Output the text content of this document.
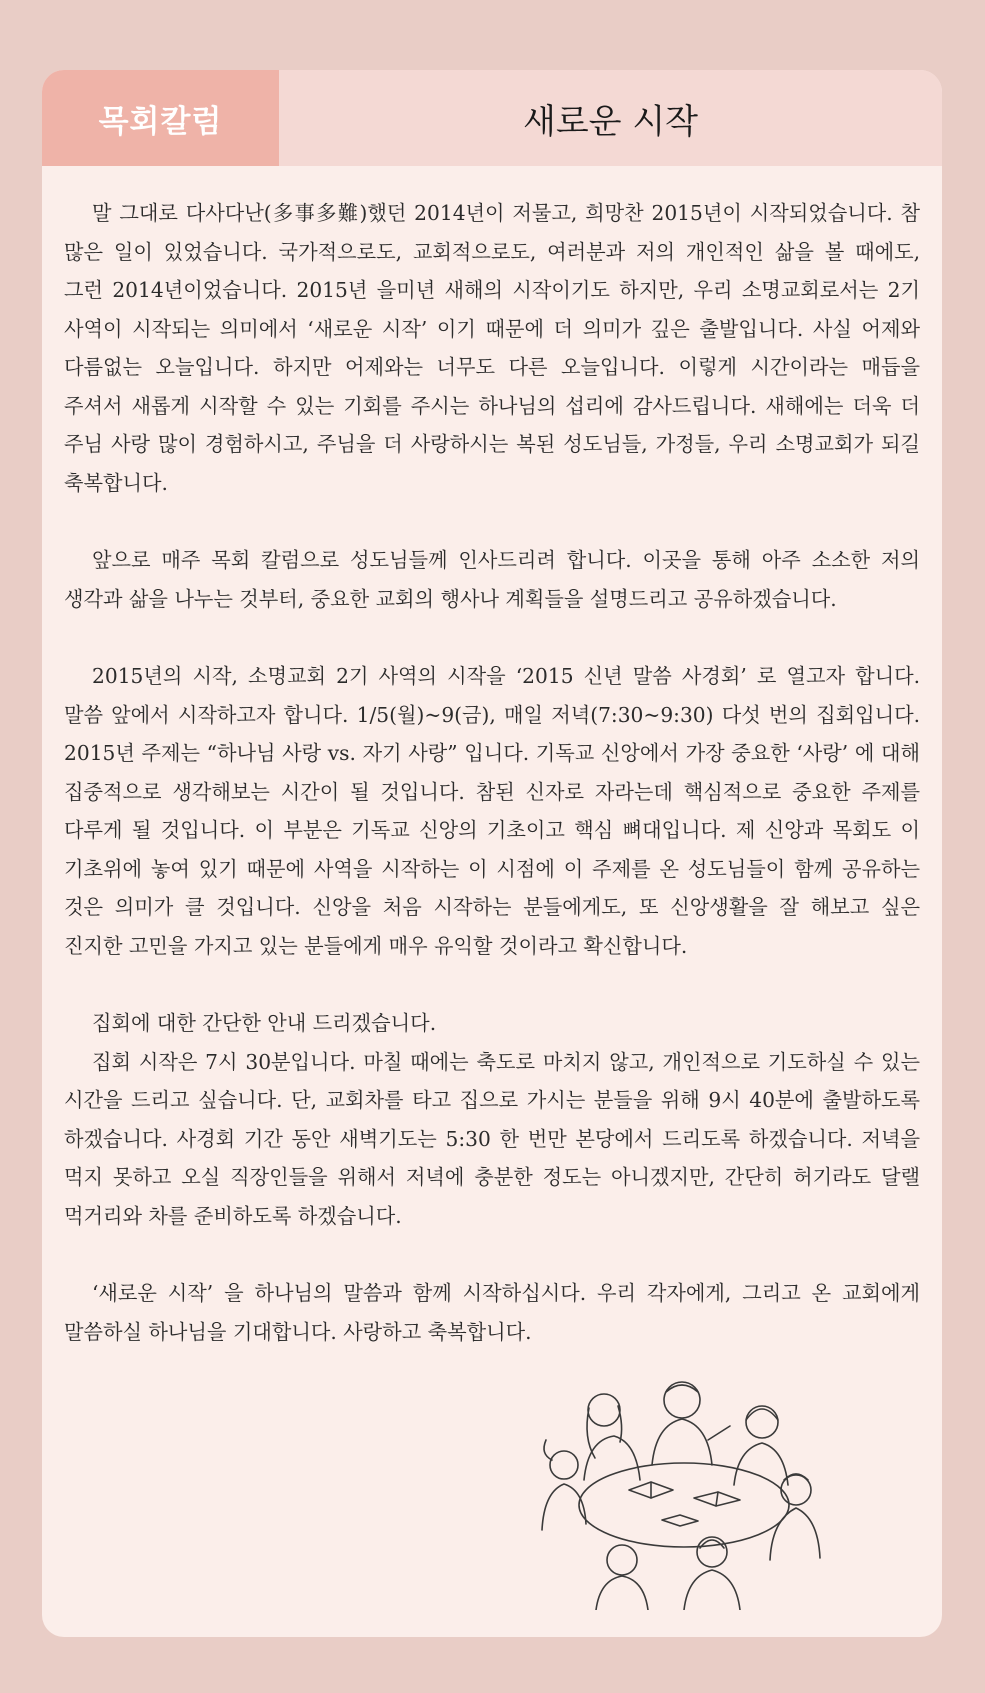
목회칼럼	새로운 시작

말 그대로 다사다난(多事多難)했던 2014년이 저물고, 희망찬 2015년이 시작되었습니다. 참 많은 일이 있었습니다. 국가적으로도, 교회적으로도, 여러분과 저의 개인적인 삶을 볼 때에도, 그런 2014년이었습니다. 2015년 을미년 새해의 시작이기도 하지만, 우리 소명교회로서는 2기 사역이 시작되는 의미에서 ‘새로운 시작’ 이기 때문에 더 의미가 깊은 출발입니다. 사실 어제와 다름없는 오늘입니다. 하지만 어제와는 너무도 다른 오늘입니다. 이렇게 시간이라는 매듭을 주셔서 새롭게 시작할 수 있는 기회를 주시는 하나님의 섭리에 감사드립니다. 새해에는 더욱 더 주님 사랑 많이 경험하시고, 주님을 더 사랑하시는 복된 성도님들, 가정들, 우리 소명교회가 되길 축복합니다.

앞으로 매주 목회 칼럼으로 성도님들께 인사드리려 합니다. 이곳을 통해 아주 소소한 저의 생각과 삶을 나누는 것부터, 중요한 교회의 행사나 계획들을 설명드리고 공유하겠습니다.

2015년의 시작, 소명교회 2기 사역의 시작을 ‘2015 신년 말씀 사경회’ 로 열고자 합니다. 말씀 앞에서 시작하고자 합니다. 1/5(월)~9(금), 매일 저녁(7:30~9:30) 다섯 번의 집회입니다. 2015년 주제는 “하나님 사랑 vs. 자기 사랑” 입니다. 기독교 신앙에서 가장 중요한 ‘사랑’ 에 대해 집중적으로 생각해보는 시간이 될 것입니다. 참된 신자로 자라는데 핵심적으로 중요한 주제를 다루게 될 것입니다. 이 부분은 기독교 신앙의 기초이고 핵심 뼈대입니다. 제 신앙과 목회도 이 기초위에 놓여 있기 때문에 사역을 시작하는 이 시점에 이 주제를 온 성도님들이 함께 공유하는 것은 의미가 클 것입니다. 신앙을 처음 시작하는 분들에게도, 또 신앙생활을 잘 해보고 싶은 진지한 고민을 가지고 있는 분들에게 매우 유익할 것이라고 확신합니다.

집회에 대한 간단한 안내 드리겠습니다.

집회 시작은 7시 30분입니다. 마칠 때에는 축도로 마치지 않고, 개인적으로 기도하실 수 있는 시간을 드리고 싶습니다. 단, 교회차를 타고 집으로 가시는 분들을 위해 9시 40분에 출발하도록 하겠습니다. 사경회 기간 동안 새벽기도는 5:30 한 번만 본당에서 드리도록 하겠습니다. 저녁을 먹지 못하고 오실 직장인들을 위해서 저녁에 충분한 정도는 아니겠지만, 간단히 허기라도 달랠 먹거리와 차를 준비하도록 하겠습니다.

‘새로운 시작’ 을 하나님의 말씀과 함께 시작하십시다. 우리 각자에게, 그리고 온 교회에게 말씀하실 하나님을 기대합니다. 사랑하고 축복합니다.
